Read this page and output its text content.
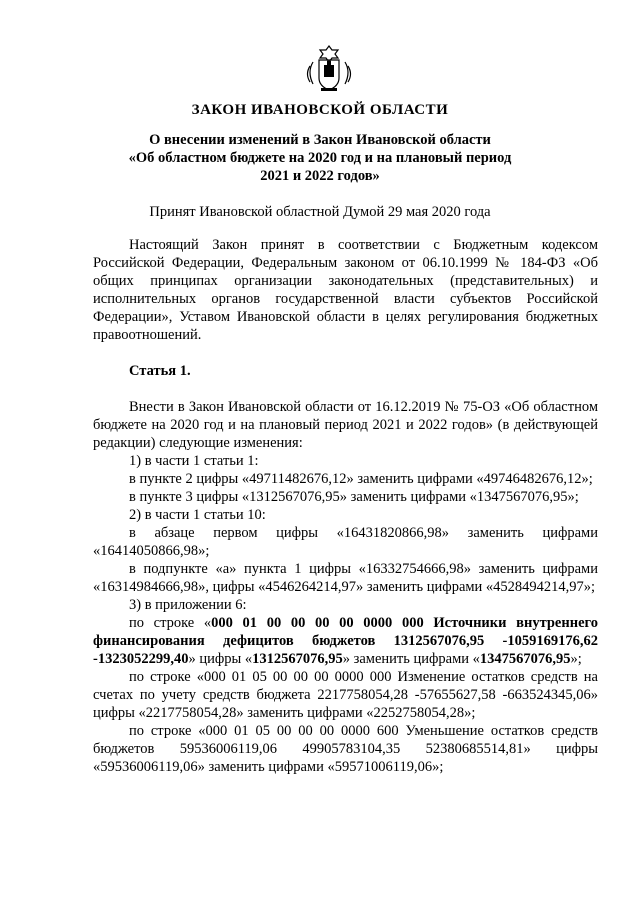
ЗАКОН ИВАНОВСКОЙ ОБЛАСТИ
О внесении изменений в Закон Ивановской области
«Об областном бюджете на 2020 год и на плановый период
2021 и 2022 годов»
Принят Ивановской областной Думой 29 мая 2020 года

Настоящий Закон принят в соответствии с Бюджетным кодексом Российской Федерации, Федеральным законом от 06.10.1999 № 184-ФЗ «Об общих принципах организации законодательных (представительных) и исполнительных органов государственной власти субъектов Российской Федерации», Уставом Ивановской области в целях регулирования бюджетных правоотношений.

Статья 1.

Внести в Закон Ивановской области от 16.12.2019 № 75-ОЗ «Об областном бюджете на 2020 год и на плановый период 2021 и 2022 годов» (в действующей редакции) следующие изменения:

1) в части 1 статьи 1:

в пункте 2 цифры «49711482676,12» заменить цифрами «49746482676,12»;

в пункте 3 цифры «1312567076,95» заменить цифрами «1347567076,95»;

2) в части 1 статьи 10:

в абзаце первом цифры «16431820866,98» заменить цифрами «16414050866,98»;

в подпункте «а» пункта 1 цифры «16332754666,98» заменить цифрами «16314984666,98», цифры «4546264214,97» заменить цифрами «4528494214,97»;

3) в приложении 6:

по строке «000 01 00 00 00 00 0000 000 Источники внутреннего финансирования дефицитов бюджетов 1312567076,95 -1059169176,62 -1323052299,40» цифры «1312567076,95» заменить цифрами «1347567076,95»;

по строке «000 01 05 00 00 00 0000 000 Изменение остатков средств на счетах по учету средств бюджета 2217758054,28 -57655627,58 -663524345,06» цифры «2217758054,28» заменить цифрами «2252758054,28»;

по строке «000 01 05 00 00 00 0000 600 Уменьшение остатков средств бюджетов 59536006119,06 49905783104,35 52380685514,81» цифры «59536006119,06» заменить цифрами «59571006119,06»;
